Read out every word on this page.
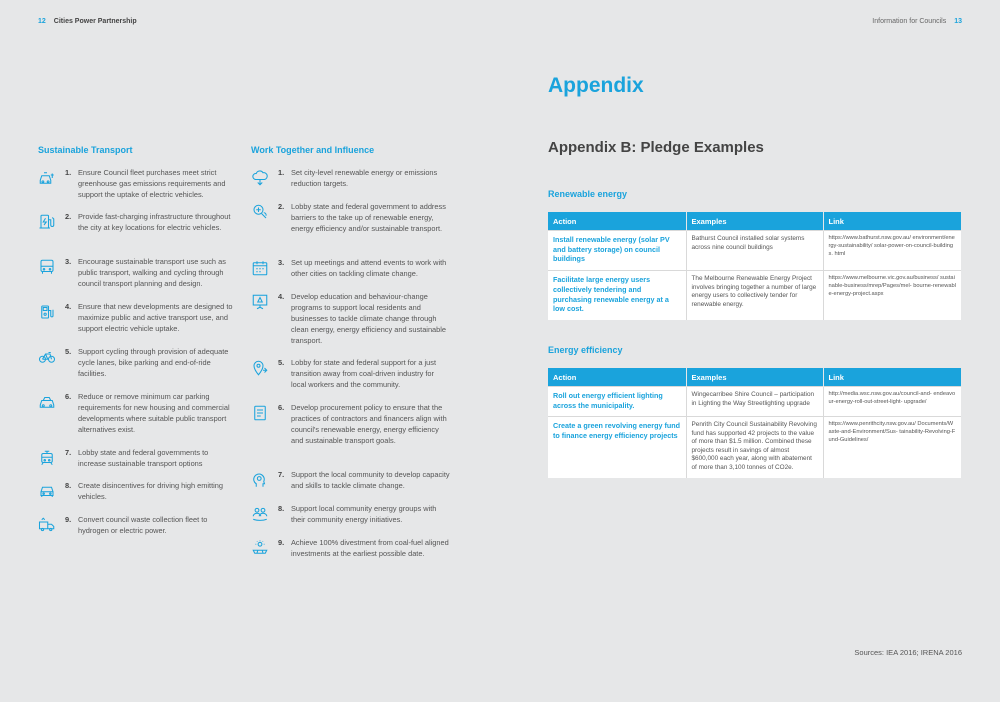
12 Cities Power Partnership	Information for Councils 13
Sustainable Transport
1. Ensure Council fleet purchases meet strict greenhouse gas emissions requirements and support the uptake of electric vehicles.
2. Provide fast-charging infrastructure throughout the city at key locations for electric vehicles.
3. Encourage sustainable transport use such as public transport, walking and cycling through council transport planning and design.
4. Ensure that new developments are designed to maximize public and active transport use, and support electric vehicle uptake.
5. Support cycling through provision of adequate cycle lanes, bike parking and end-of-ride facilities.
6. Reduce or remove minimum car parking requirements for new housing and commercial developments where suitable public transport alternatives exist.
7. Lobby state and federal governments to increase sustainable transport options
8. Create disincentives for driving high emitting vehicles.
9. Convert council waste collection fleet to hydrogen or electric power.
Work Together and Influence
1. Set city-level renewable energy or emissions reduction targets.
2. Lobby state and federal government to address barriers to the take up of renewable energy, energy efficiency and/or sustainable transport.
3. Set up meetings and attend events to work with other cities on tackling climate change.
4. Develop education and behaviour-change programs to support local residents and businesses to tackle climate change through clean energy, energy efficiency and sustainable transport.
5. Lobby for state and federal support for a just transition away from coal-driven industry for local workers and the community.
6. Develop procurement policy to ensure that the practices of contractors and financers align with council's renewable energy, energy efficiency and sustainable transport goals.
7. Support the local community to develop capacity and skills to tackle climate change.
8. Support local community energy groups with their community energy initiatives.
9. Achieve 100% divestment from coal-fuel aligned investments at the earliest possible date.
Appendix
Appendix B: Pledge Examples
Renewable energy
Action	Examples	Link
Install renewable energy (solar PV and battery storage) on council buildings	Bathurst Council installed solar systems across nine council buildings	https://www.bathurst.nsw.gov.au/ environment/energy-sustainability/ solar-power-on-council-buildings. html
Facilitate large energy users collectively tendering and purchasing renewable energy at a low cost.	The Melbourne Renewable Energy Project involves bringing together a number of large energy users to collectively tender for renewable energy.	https://www.melbourne.vic.gov.au/business/ sustainable-business/mrep/Pages/mel- bourne-renewable-energy-project.aspx
Energy efficiency
Action	Examples	Link
Roll out energy efficient lighting across the municipality.	Wingecarribee Shire Council – participation in Lighting the Way Streetlighting upgrade	http://media.wsc.nsw.gov.au/council-and- endeavour-energy-roll-out-street-light- upgrade/
Create a green revolving energy fund to finance energy efficiency projects	Penrith City Council Sustainability Revolving fund has supported 42 projects to the value of more than $1.5 million. Combined these projects result in savings of almost $600,000 each year, along with abatement of more than 3,100 tonnes of CO2e.	https://www.penrithcity.nsw.gov.au/ Documents/Waste-and-Environment/Sus- tainability-Revolving-Fund-Guidelines/
Sources: IEA 2016; IRENA 2016
